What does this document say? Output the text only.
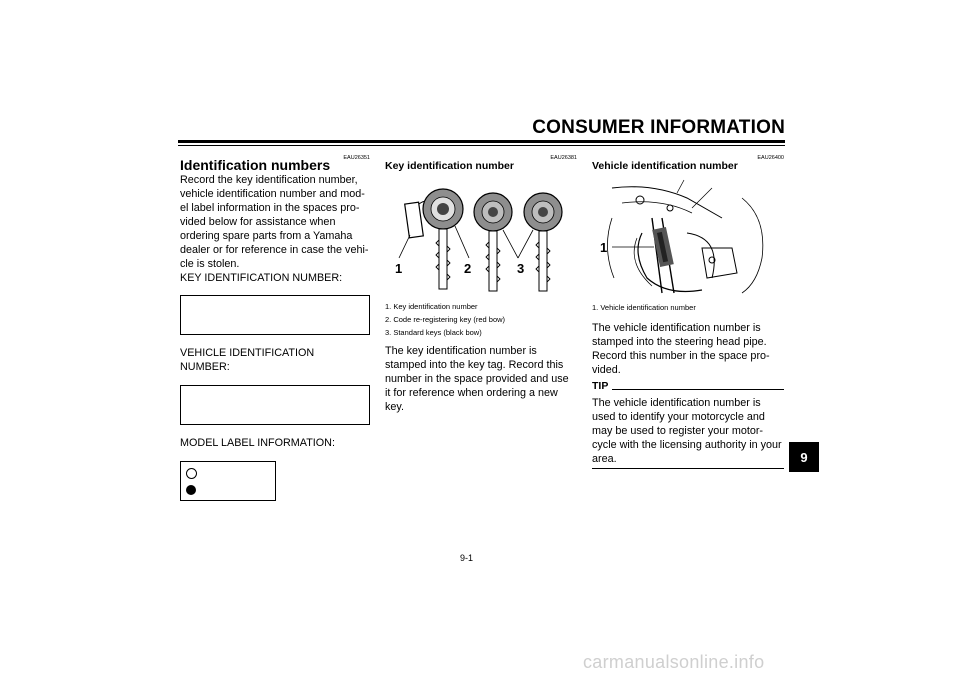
CONSUMER INFORMATION
EAU26351
Identification numbers
Record the key identification number,
vehicle identification number and mod-
el label information in the spaces pro-
vided below for assistance when
ordering spare parts from a Yamaha
dealer or for reference in case the vehi-
cle is stolen.
KEY IDENTIFICATION NUMBER:
VEHICLE IDENTIFICATION
NUMBER:
MODEL LABEL INFORMATION:
EAU26381
Key identification number
1	2	3
1. Key identification number
2. Code re-registering key (red bow)
3. Standard keys (black bow)
The key identification number is
stamped into the key tag. Record this
number in the space provided and use
it for reference when ordering a new
key.
EAU26400
Vehicle identification number
1
1. Vehicle identification number
The vehicle identification number is
stamped into the steering head pipe.
Record this number in the space pro-
vided.
TIP
The vehicle identification number is
used to identify your motorcycle and
may be used to register your motor-
cycle with the licensing authority in your
area.	9
9-1
carmanualsonline.info
